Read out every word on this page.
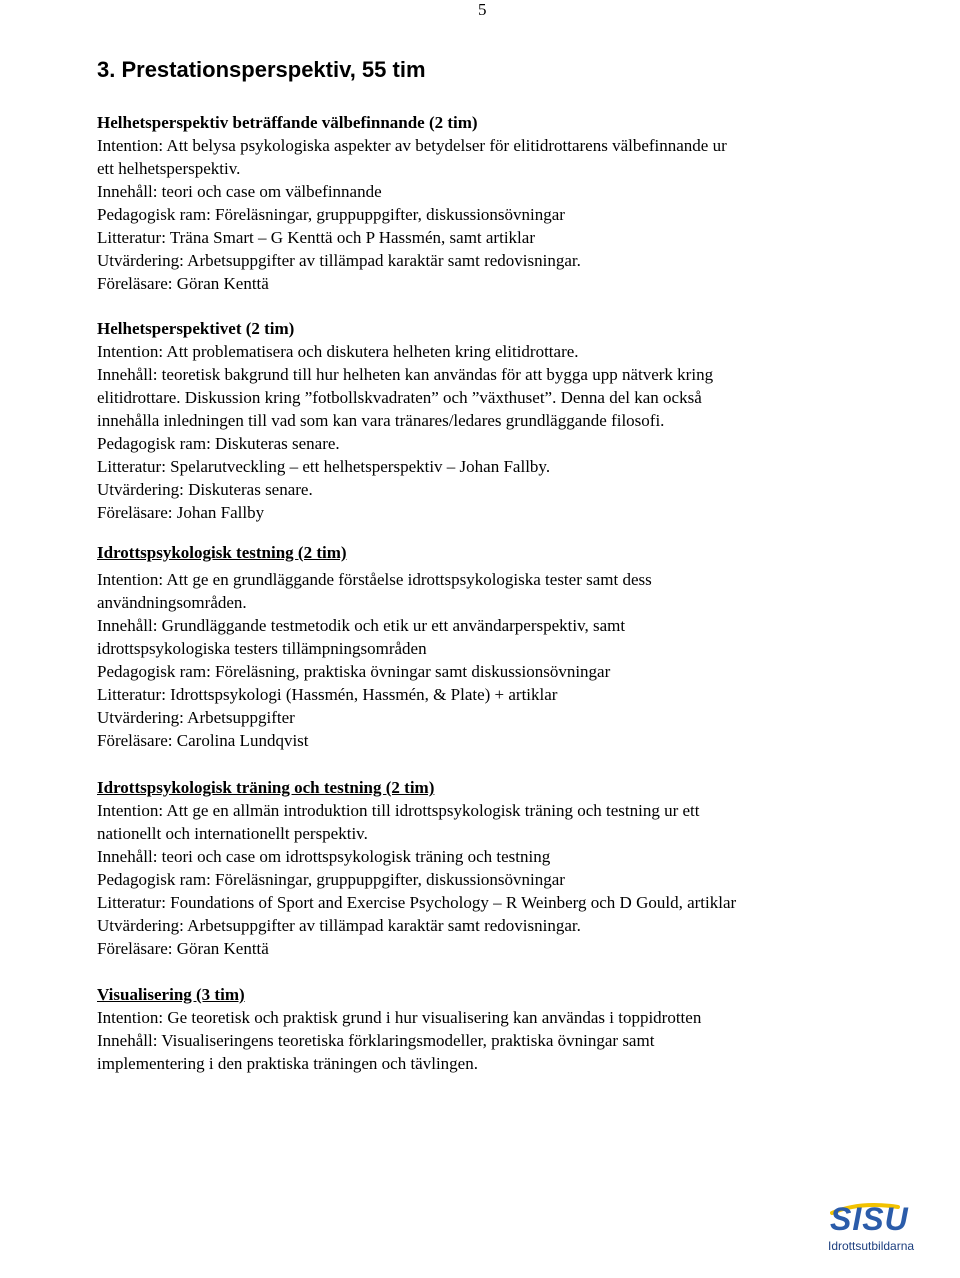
5
3. Prestationsperspektiv, 55 tim

Helhetsperspektiv beträffande välbefinnande (2 tim)

Intention: Att belysa psykologiska aspekter av betydelser för elitidrottarens välbefinnande ur

ett helhetsperspektiv.

Innehåll: teori och case om välbefinnande

Pedagogisk ram: Föreläsningar, gruppuppgifter, diskussionsövningar

Litteratur: Träna Smart – G Kenttä och P Hassmén, samt artiklar

Utvärdering: Arbetsuppgifter av tillämpad karaktär samt redovisningar.

Föreläsare: Göran Kenttä

Helhetsperspektivet (2 tim)

Intention: Att problematisera och diskutera helheten kring elitidrottare.

Innehåll: teoretisk bakgrund till hur helheten kan användas för att bygga upp nätverk kring

elitidrottare. Diskussion kring ”fotbollskvadraten” och ”växthuset”. Denna del kan också

innehålla inledningen till vad som kan vara tränares/ledares grundläggande filosofi.

Pedagogisk ram: Diskuteras senare.

Litteratur: Spelarutveckling – ett helhetsperspektiv – Johan Fallby.

Utvärdering: Diskuteras senare.

Föreläsare: Johan Fallby

Idrottspsykologisk testning (2 tim)

Intention: Att ge en grundläggande förståelse idrottspsykologiska tester samt dess

användningsområden.

Innehåll: Grundläggande testmetodik och etik ur ett användarperspektiv, samt

idrottspsykologiska testers tillämpningsområden

Pedagogisk ram: Föreläsning, praktiska övningar samt diskussionsövningar

Litteratur: Idrottspsykologi (Hassmén, Hassmén, & Plate) + artiklar

Utvärdering: Arbetsuppgifter

Föreläsare: Carolina Lundqvist

Idrottspsykologisk träning och testning (2 tim)

Intention: Att ge en allmän introduktion till idrottspsykologisk träning och testning ur ett

nationellt och internationellt perspektiv.

Innehåll: teori och case om idrottspsykologisk träning och testning

Pedagogisk ram: Föreläsningar, gruppuppgifter, diskussionsövningar

Litteratur: Foundations of Sport and Exercise Psychology – R Weinberg och D Gould, artiklar

Utvärdering: Arbetsuppgifter av tillämpad karaktär samt redovisningar.

Föreläsare: Göran Kenttä

Visualisering (3 tim)

Intention: Ge teoretisk och praktisk grund i hur visualisering kan användas i toppidrotten

Innehåll: Visualiseringens teoretiska förklaringsmodeller, praktiska övningar samt

implementering i den praktiska träningen och tävlingen.

SISU
Idrottsutbildarna
